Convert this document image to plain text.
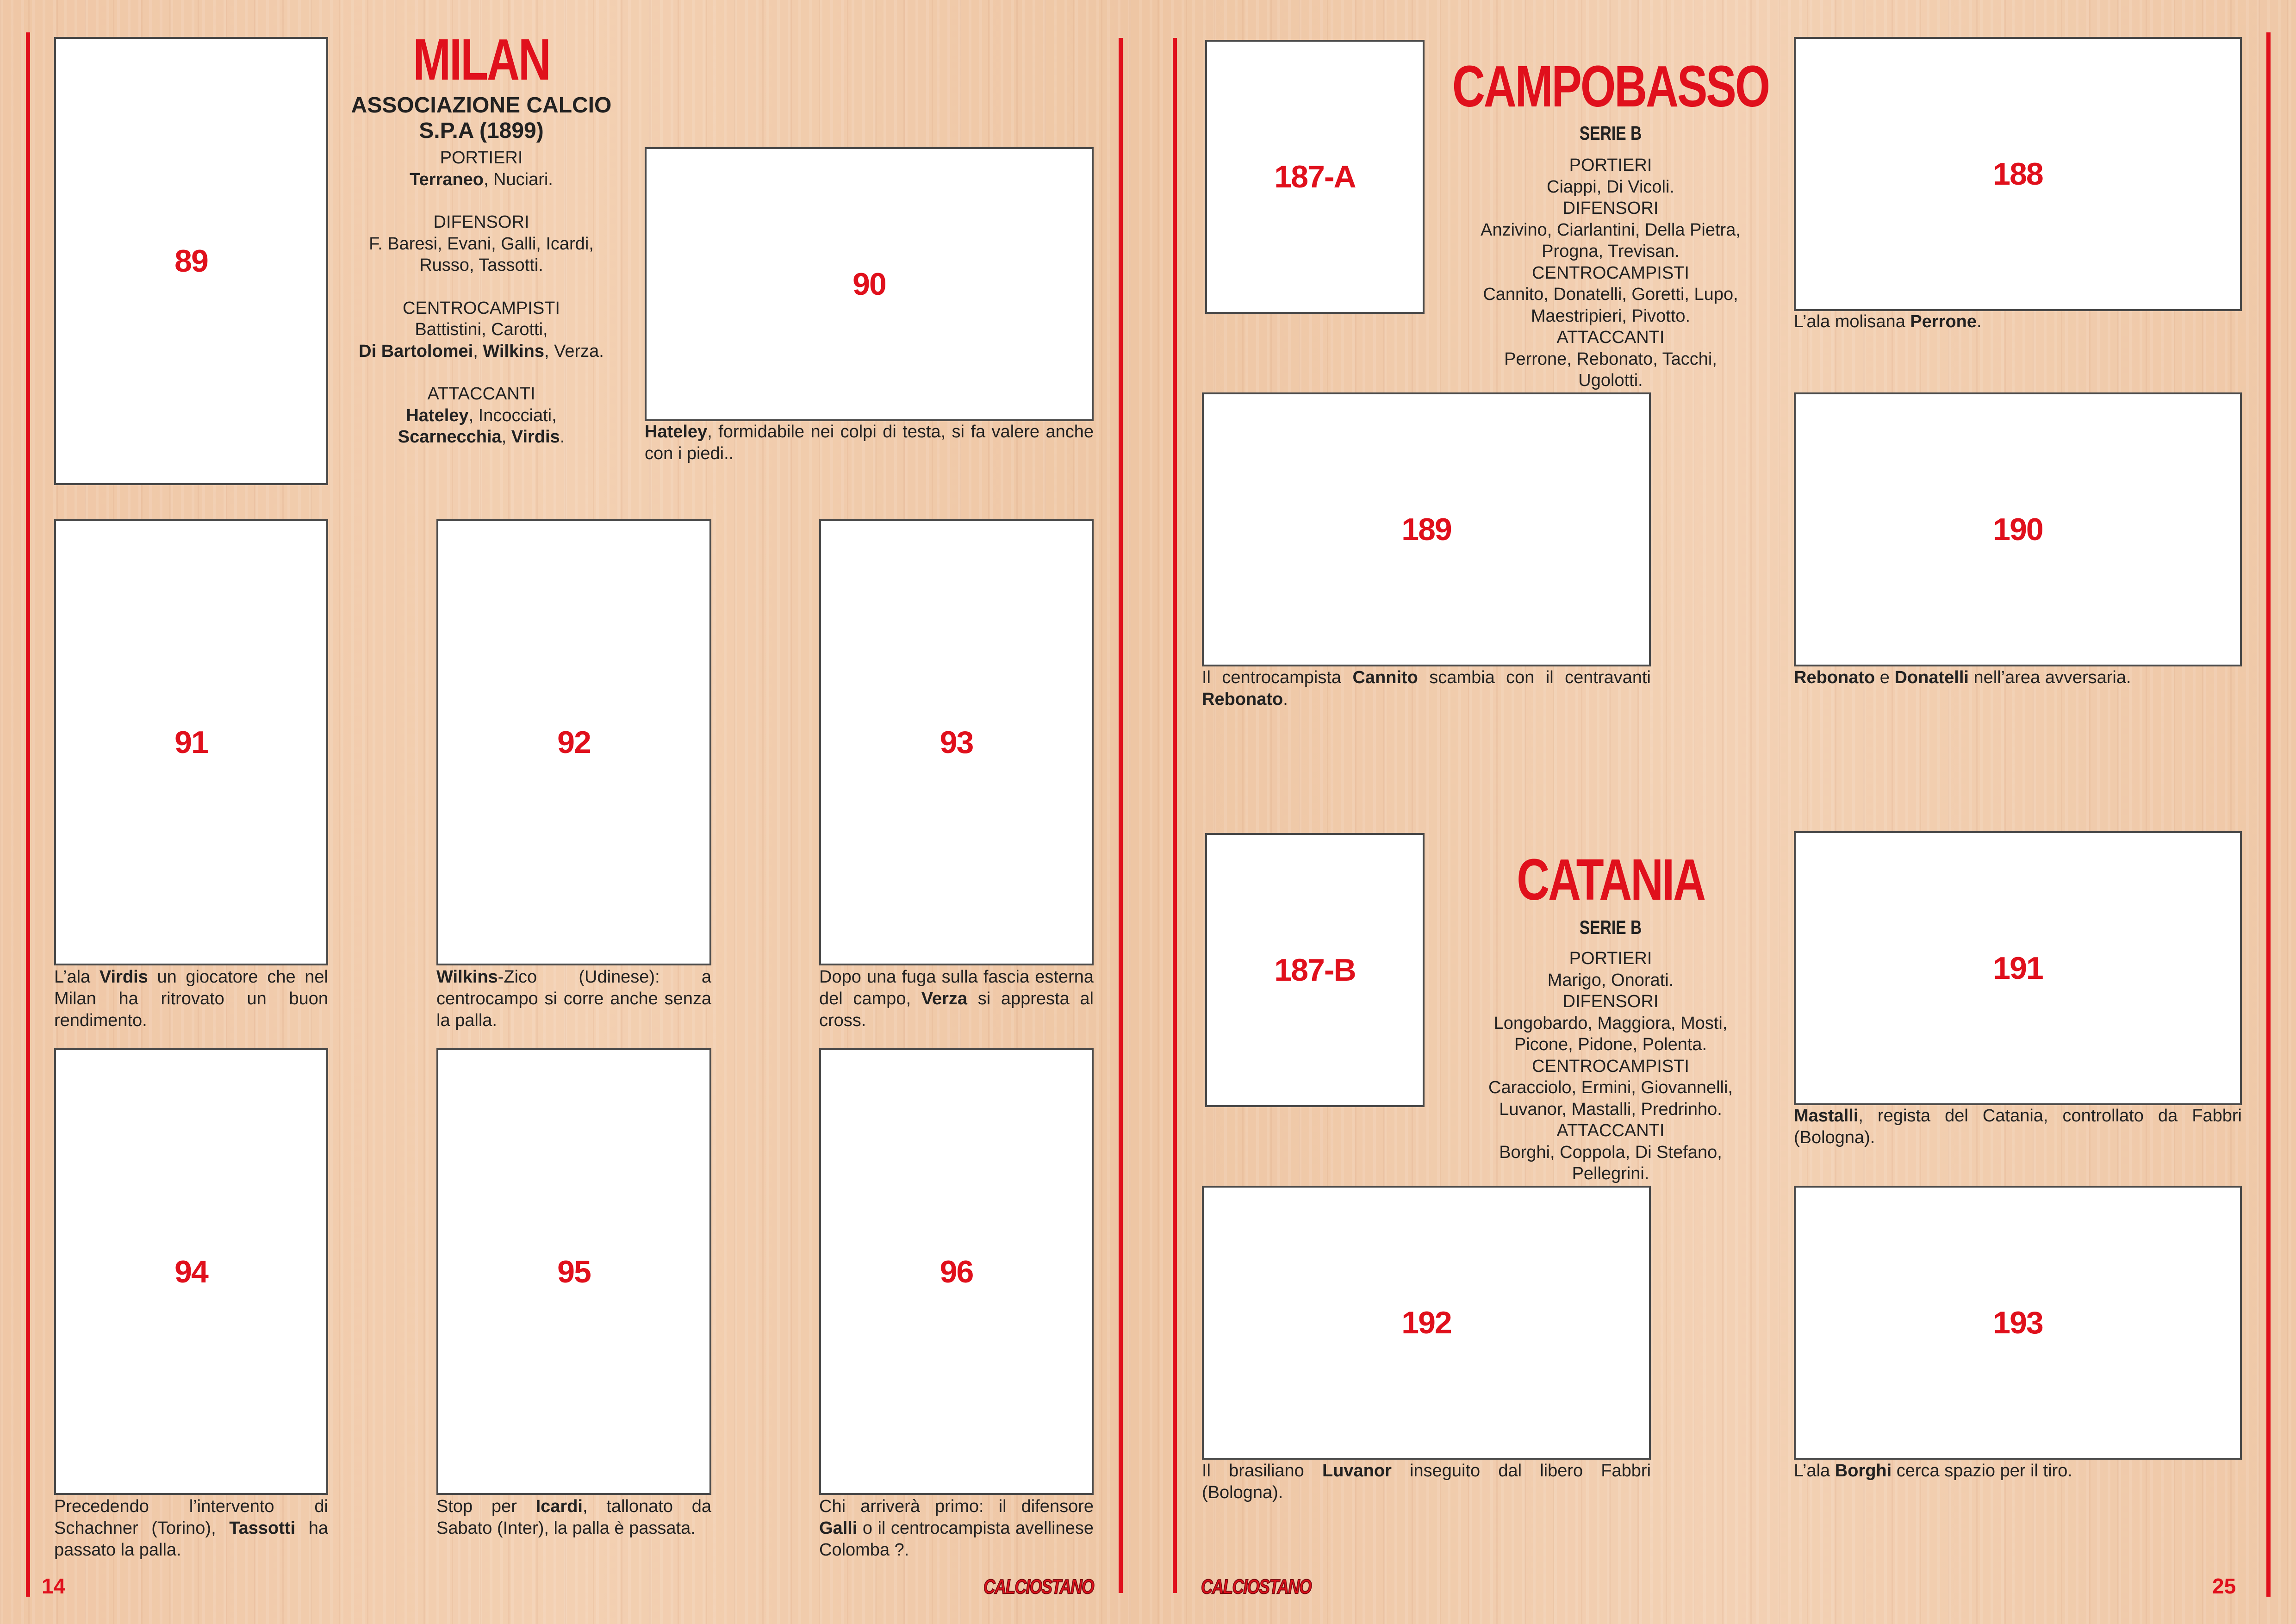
MILAN
ASSOCIAZIONE CALCIO
S.P.A (1899)
PORTIERI
Terraneo, Nuciari.
DIFENSORI
F. Baresi, Evani, Galli, Icardi,
Russo, Tassotti.
CENTROCAMPISTI
Battistini, Carotti,
Di Bartolomei, Wilkins, Verza.
ATTACCANTI
Hateley, Incocciati,
Scarnecchia, Virdis.
89
90
Hateley, formidabile nei colpi di testa, si fa valere anche con i piedi..
91
L’ala Virdis un giocatore che nel Milan ha ritrovato un buon rendimento.
92
Wilkins-Zico (Udinese): a centrocampo si corre anche senza la palla.
93
Dopo una fuga sulla fascia esterna del campo, Verza si appresta al cross.
94
Precedendo l’intervento di Schachner (Torino), Tassotti ha passato la palla.
95
Stop per Icardi, tallonato da Sabato (Inter), la palla è passata.
96
Chi arriverà primo: il difensore Galli o il centrocampista avellinese Colomba ?.
14	CALCIOSTANO
CAMPOBASSO
SERIE B
PORTIERI
Ciappi, Di Vicoli.
DIFENSORI
Anzivino, Ciarlantini, Della Pietra,
Progna, Trevisan.
CENTROCAMPISTI
Cannito, Donatelli, Goretti, Lupo,
Maestripieri, Pivotto.
ATTACCANTI
Perrone, Rebonato, Tacchi,
Ugolotti.
CATANIA
SERIE B
PORTIERI
Marigo, Onorati.
DIFENSORI
Longobardo, Maggiora, Mosti,
Picone, Pidone, Polenta.
CENTROCAMPISTI
Caracciolo, Ermini, Giovannelli,
Luvanor, Mastalli, Predrinho.
ATTACCANTI
Borghi, Coppola, Di Stefano,
Pellegrini.
187-A	188
L’ala molisana Perrone.
189
Il centrocampista Cannito scambia con il centravanti Rebonato.
190
Rebonato e Donatelli nell’area avversaria.
187-B	191
Mastalli, regista del Catania, controllato da Fabbri (Bologna).
192
Il brasiliano Luvanor inseguito dal libero Fabbri (Bologna).
193
L’ala Borghi cerca spazio per il tiro.
CALCIOSTANO	25
